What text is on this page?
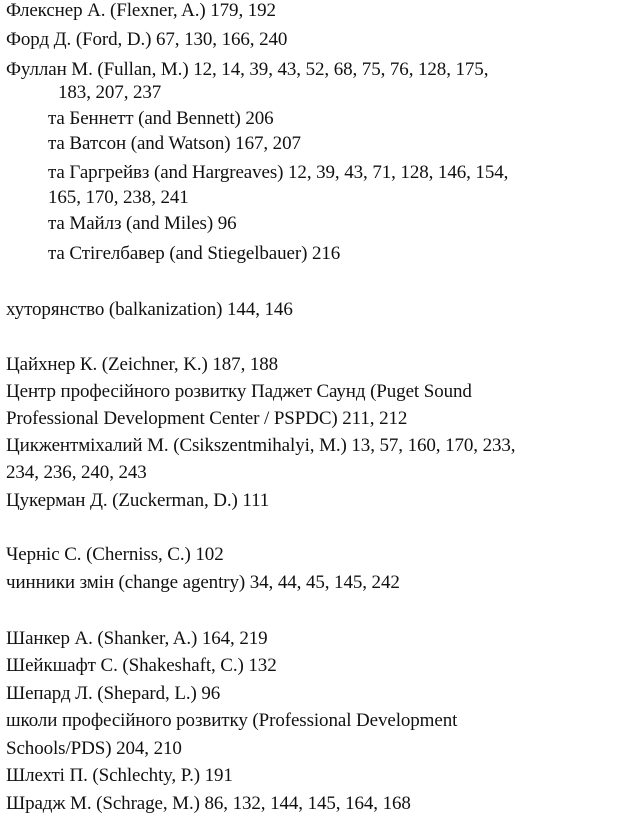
Флекснер А. (Flexner, A.) 179, 192
Форд Д. (Ford, D.) 67, 130, 166, 240
Фуллан М. (Fullan, M.) 12, 14, 39, 43, 52, 68, 75, 76, 128, 175,
183, 207, 237
та Беннетт (and Bennett) 206
та Ватсон (and Watson) 167, 207
та Гаргрейвз (and Hargreaves) 12, 39, 43, 71, 128, 146, 154,
165, 170, 238, 241
та Майлз (and Miles) 96
та Стігелбавер (and Stiegelbauer) 216
хуторянство (balkanization) 144, 146
Цайхнер К. (Zeichner, K.) 187, 188
Центр професійного розвитку Паджет Саунд (Puget Sound
Professional Development Center / PSPDC) 211, 212
Цикжентміхалий М. (Csikszentmihalyi, M.) 13, 57, 160, 170, 233,
234, 236, 240, 243
Цукерман Д. (Zuckerman, D.) 111
Черніс С. (Cherniss, C.) 102
чинники змін (change agentry) 34, 44, 45, 145, 242
Шанкер А. (Shanker, A.) 164, 219
Шейкшафт С. (Shakeshaft, C.) 132
Шепард Л. (Shepard, L.) 96
школи професійного розвитку (Professional Development
Schools/PDS) 204, 210
Шлехті П. (Schlechty, P.) 191
Шрадж М. (Schrage, M.) 86, 132, 144, 145, 164, 168
